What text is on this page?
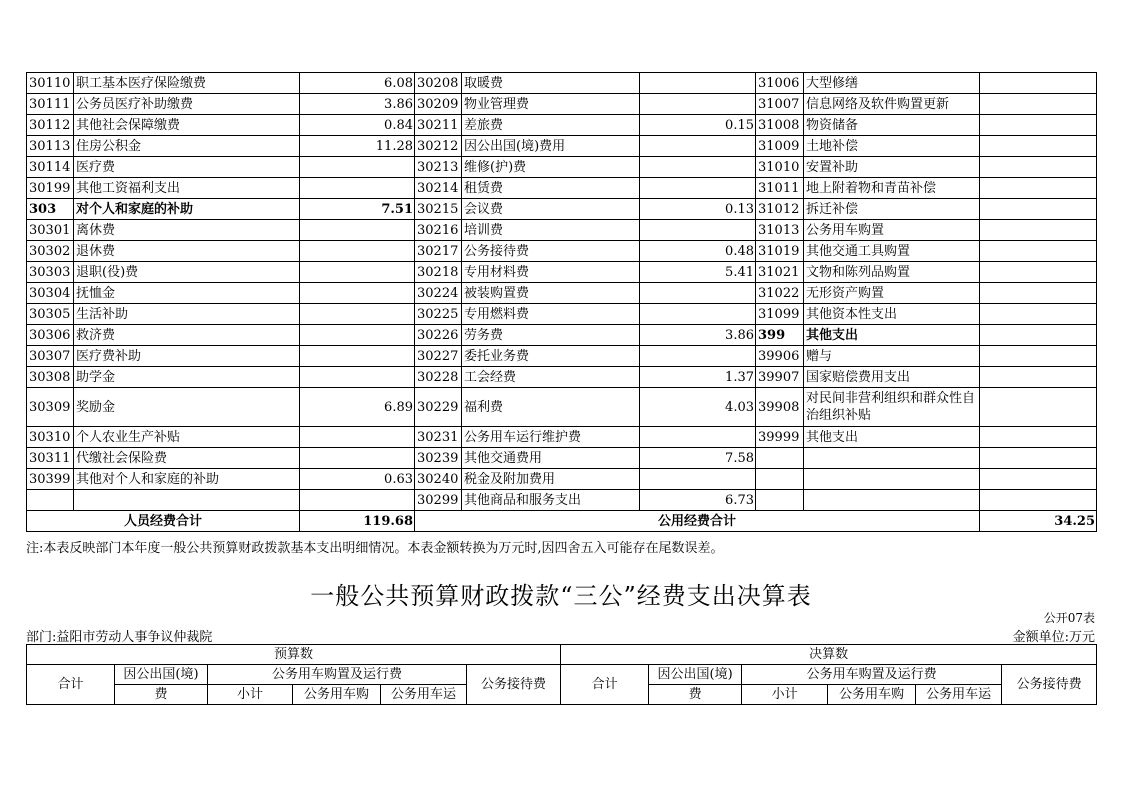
30110	职工基本医疗保险缴费	6.08	30208	取暖费		31006	大型修缮	
30111	公务员医疗补助缴费	3.86	30209	物业管理费		31007	信息网络及软件购置更新	
30112	其他社会保障缴费	0.84	30211	差旅费	0.15	31008	物资储备	
30113	住房公积金	11.28	30212	因公出国(境)费用		31009	土地补偿	
30114	医疗费		30213	维修(护)费		31010	安置补助	
30199	其他工资福利支出		30214	租赁费		31011	地上附着物和青苗补偿	
303	对个人和家庭的补助	7.51	30215	会议费	0.13	31012	拆迁补偿	
30301	离休费		30216	培训费		31013	公务用车购置	
30302	退休费		30217	公务接待费	0.48	31019	其他交通工具购置	
30303	退职(役)费		30218	专用材料费	5.41	31021	文物和陈列品购置	
30304	抚恤金		30224	被装购置费		31022	无形资产购置	
30305	生活补助		30225	专用燃料费		31099	其他资本性支出	
30306	救济费		30226	劳务费	3.86	399	其他支出	
30307	医疗费补助		30227	委托业务费		39906	赠与	
30308	助学金		30228	工会经费	1.37	39907	国家赔偿费用支出	
30309	奖励金	6.89	30229	福利费	4.03	39908	对民间非营利组织和群众性自治组织补贴	
30310	个人农业生产补贴		30231	公务用车运行维护费		39999	其他支出	
30311	代缴社会保险费		30239	其他交通费用	7.58			
30399	其他对个人和家庭的补助	0.63	30240	税金及附加费用				
			30299	其他商品和服务支出	6.73			
人员经费合计		119.68	公用经费合计					34.25
注:本表反映部门本年度一般公共预算财政拨款基本支出明细情况。本表金额转换为万元时,因四舍五入可能存在尾数误差。
一般公共预算财政拨款“三公”经费支出决算表
公开07表
部门:益阳市劳动人事争议仲裁院	金额单位:万元
预算数						决算数					
合计	因公出国(境)	公务用车购置及运行费			公务接待费	合计	因公出国(境)	公务用车购置及运行费			公务接待费
	费	小计	公务用车购	公务用车运			费	小计	公务用车购	公务用车运	
